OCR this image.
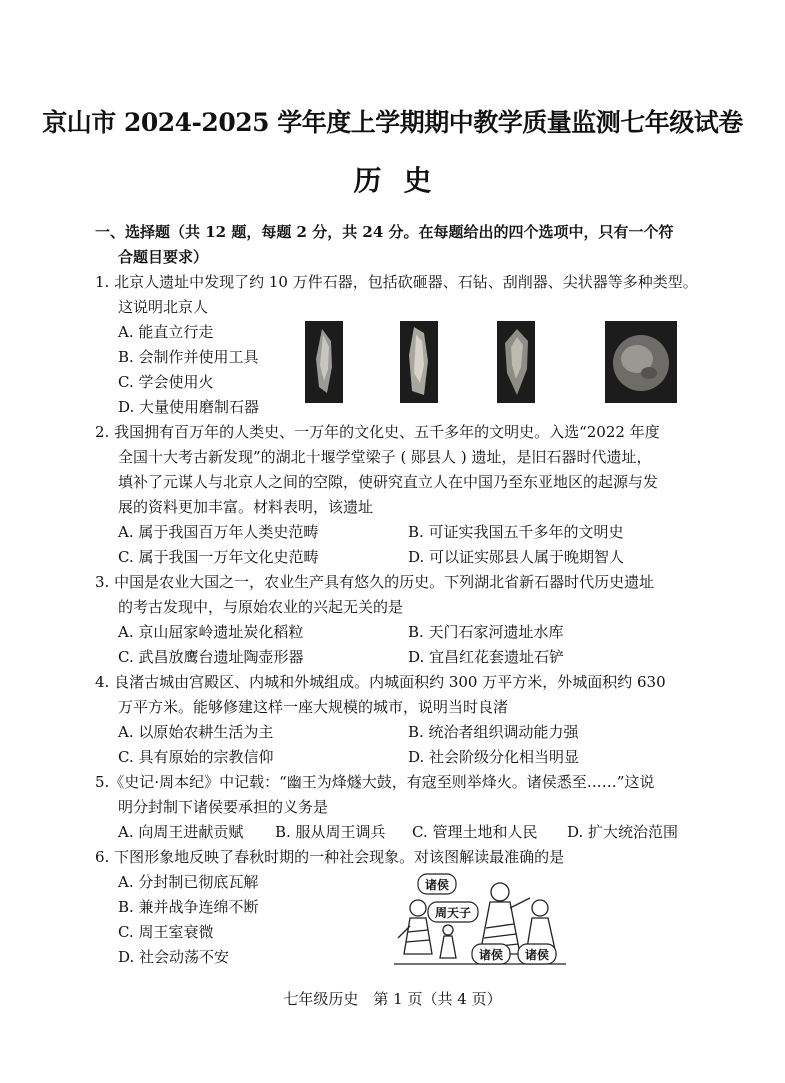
京山市 2024-2025 学年度上学期期中教学质量监测七年级试卷
历史
一、选择题（共 12 题，每题 2 分，共 24 分。在每题给出的四个选项中，只有一个符
合题目要求）
1. 北京人遗址中发现了约 10 万件石器，包括砍砸器、石钻、刮削器、尖状器等多种类型。
这说明北京人
A. 能直立行走
B. 会制作并使用工具
C. 学会使用火
D. 大量使用磨制石器
2. 我国拥有百万年的人类史、一万年的文化史、五千多年的文明史。入选“2022 年度
全国十大考古新发现”的湖北十堰学堂梁子 ( 郧县人 ) 遗址，是旧石器时代遗址，
填补了元谋人与北京人之间的空隙，使研究直立人在中国乃至东亚地区的起源与发
展的资料更加丰富。材料表明，该遗址
A. 属于我国百万年人类史范畴	B. 可证实我国五千多年的文明史
C. 属于我国一万年文化史范畴	D. 可以证实郧县人属于晚期智人
3. 中国是农业大国之一，农业生产具有悠久的历史。下列湖北省新石器时代历史遗址
的考古发现中，与原始农业的兴起无关的是
A. 京山屈家岭遗址炭化稻粒	B. 天门石家河遗址水库
C. 武昌放鹰台遗址陶壶形器	D. 宜昌红花套遗址石铲
4. 良渚古城由宫殿区、内城和外城组成。内城面积约 300 万平方米，外城面积约 630
万平方米。能够修建这样一座大规模的城市，说明当时良渚
A. 以原始农耕生活为主	B. 统治者组织调动能力强
C. 具有原始的宗教信仰	D. 社会阶级分化相当明显
5.《史记·周本纪》中记载：“幽王为烽燧大鼓，有寇至则举烽火。诸侯悉至……”这说
明分封制下诸侯要承担的义务是
A. 向周王进献贡赋 B. 服从周王调兵 C. 管理土地和人民 D. 扩大统治范围
6. 下图形象地反映了春秋时期的一种社会现象。对该图解读最准确的是
A. 分封制已彻底瓦解
B. 兼并战争连绵不断
C. 周王室衰微
D. 社会动荡不安
诸侯
周天子
诸侯 诸侯
七年级历史　第 1 页（共 4 页）
